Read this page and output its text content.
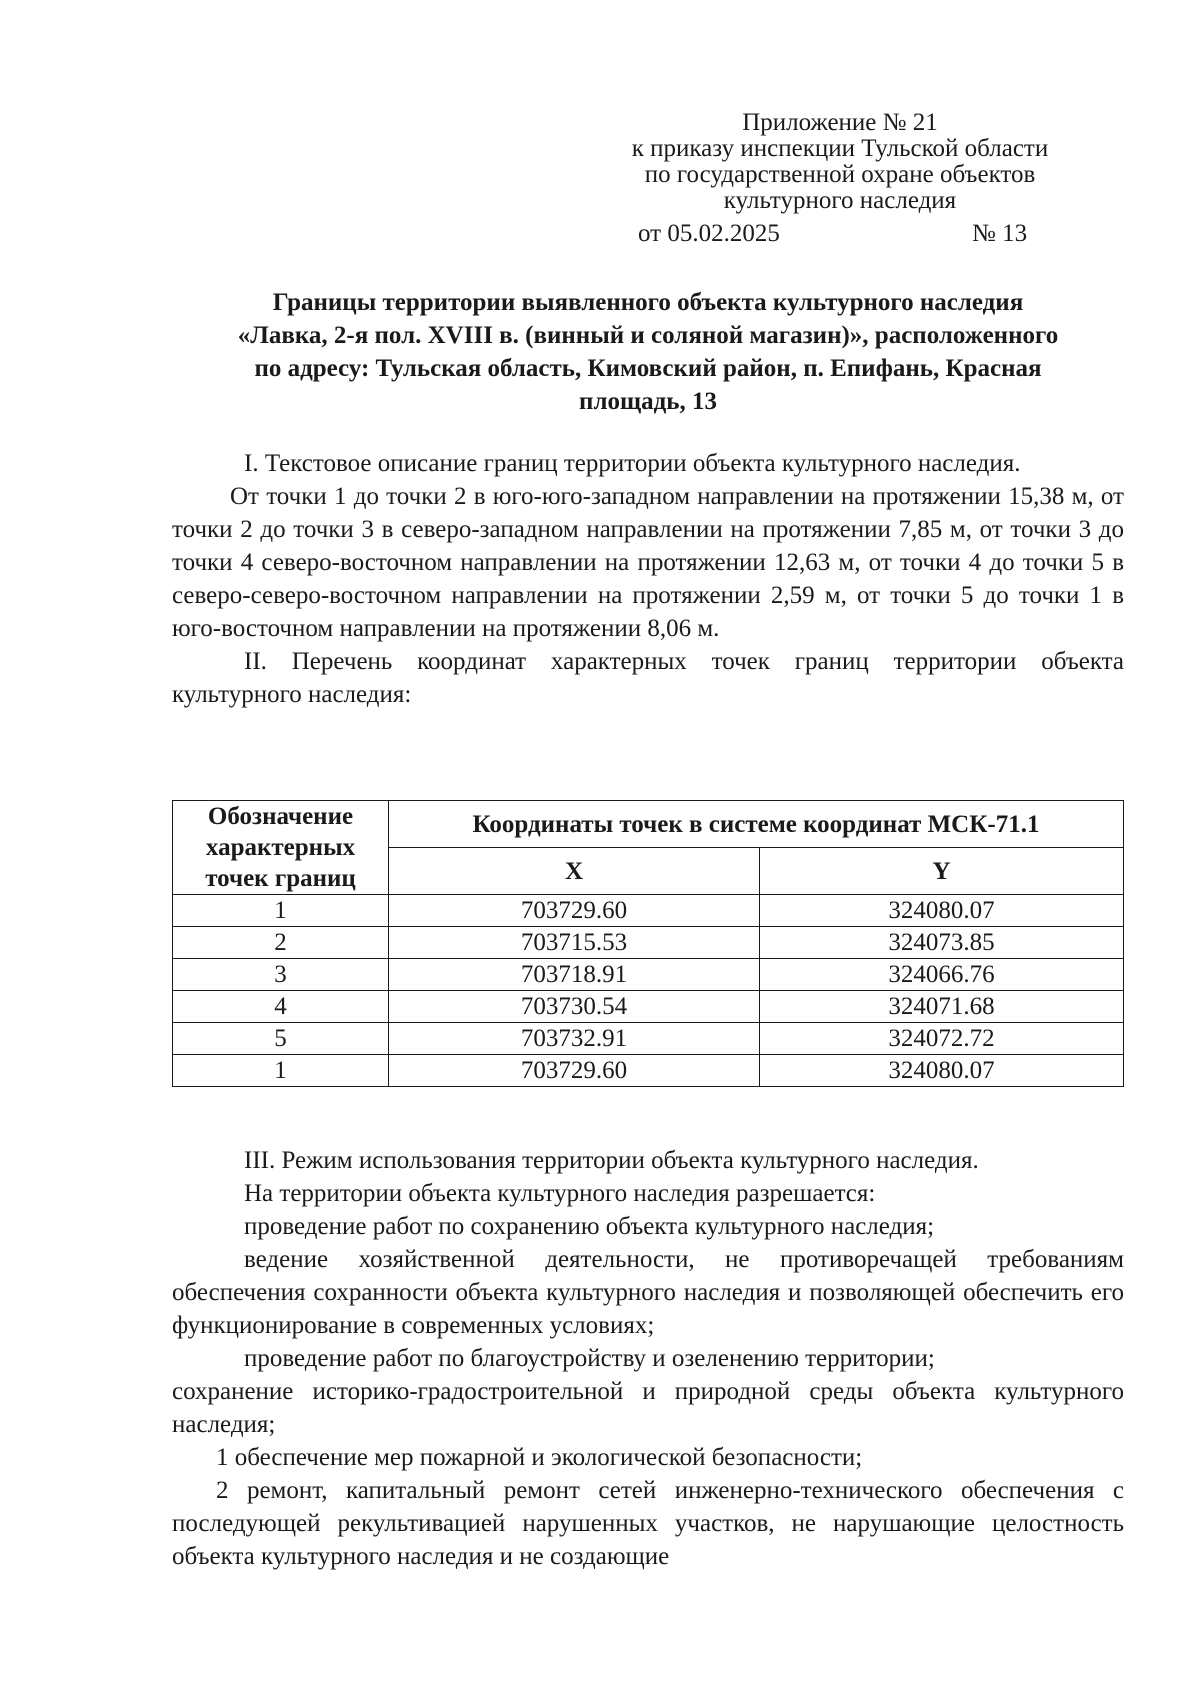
Приложение № 21
к приказу инспекции Тульской области
по государственной охране объектов
культурного наследия
от 05.02.2025	№ 13
Границы территории выявленного объекта культурного наследия
«Лавка, 2-я пол. XVIII в. (винный и соляной магазин)», расположенного
по адресу: Тульская область, Кимовский район, п. Епифань, Красная
площадь, 13
I. Текстовое описание границ территории объекта культурного наследия.
От точки 1 до точки 2 в юго-юго-западном направлении на протяжении 15,38 м, от точки 2 до точки 3 в северо-западном направлении на протяжении 7,85 м, от точки 3 до точки 4 северо-восточном направлении на протяжении 12,63 м, от точки 4 до точки 5 в северо-северо-восточном направлении на протяжении 2,59 м, от точки 5 до точки 1 в юго-восточном направлении на протяжении 8,06 м.
II. Перечень координат характерных точек границ территории объекта культурного наследия:
Обозначение характерных точек границ	Координаты точек в системе координат МСК-71.1	
	X	Y
1	703729.60	324080.07
2	703715.53	324073.85
3	703718.91	324066.76
4	703730.54	324071.68
5	703732.91	324072.72
1	703729.60	324080.07
III. Режим использования территории объекта культурного наследия.
На территории объекта культурного наследия разрешается:
проведение работ по сохранению объекта культурного наследия;
ведение хозяйственной деятельности, не противоречащей требованиям обеспечения сохранности объекта культурного наследия и позволяющей обеспечить его функционирование в современных условиях;
проведение работ по благоустройству и озеленению территории;
сохранение историко-градостроительной и природной среды объекта культурного наследия;
1 обеспечение мер пожарной и экологической безопасности;
2 ремонт, капитальный ремонт сетей инженерно-технического обеспечения с последующей рекультивацией нарушенных участков, не нарушающие целостность объекта культурного наследия и не создающие
